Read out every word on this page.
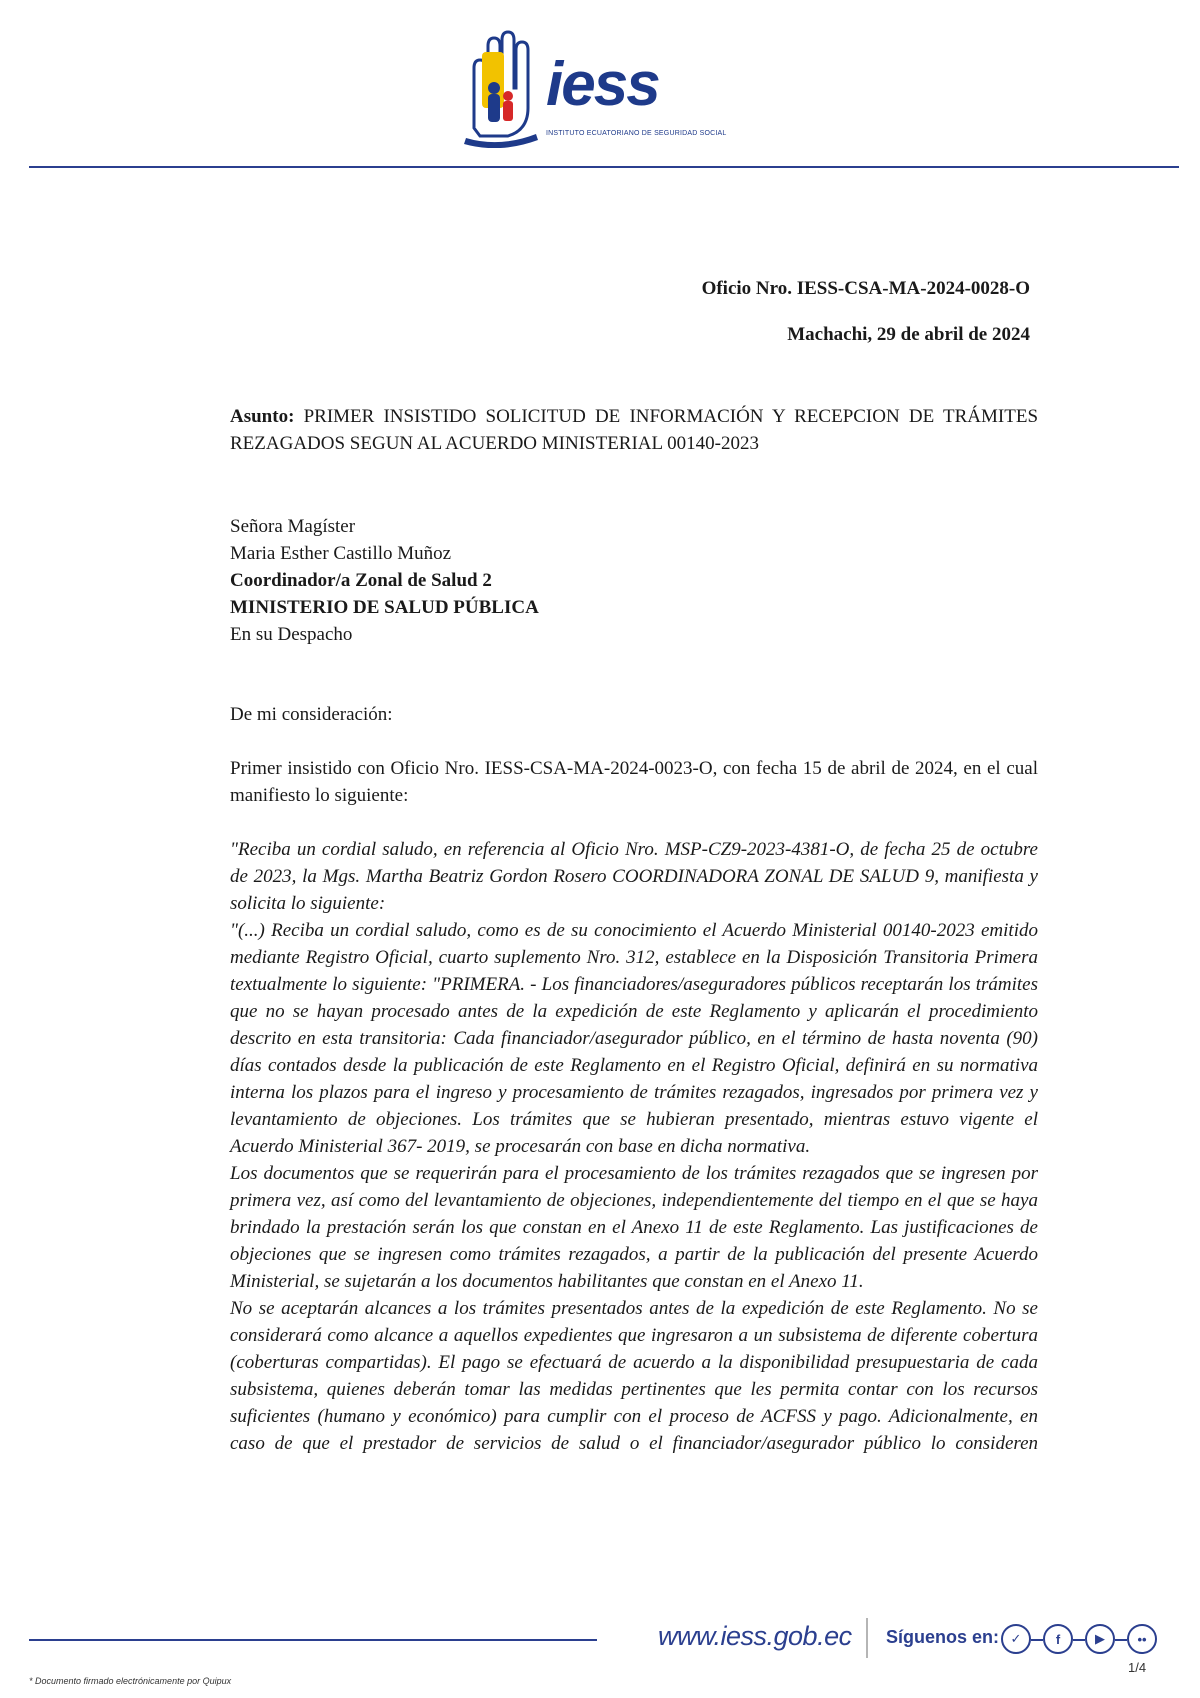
iess
INSTITUTO ECUATORIANO DE SEGURIDAD SOCIAL
Oficio Nro. IESS-CSA-MA-2024-0028-O
Machachi, 29 de abril de 2024
Asunto: PRIMER INSISTIDO SOLICITUD DE INFORMACIÓN Y RECEPCION DE TRÁMITES REZAGADOS SEGUN AL ACUERDO MINISTERIAL 00140-2023
Señora Magíster
Maria Esther Castillo Muñoz
Coordinador/a Zonal de Salud 2
MINISTERIO DE SALUD PÚBLICA
En su Despacho
De mi consideración:
Primer insistido con Oficio Nro. IESS-CSA-MA-2024-0023-O, con fecha 15 de abril de 2024, en el cual manifiesto lo siguiente:

"Reciba un cordial saludo, en referencia al Oficio Nro. MSP-CZ9-2023-4381-O, de fecha 25 de octubre de 2023, la Mgs. Martha Beatriz Gordon Rosero COORDINADORA ZONAL DE SALUD 9, manifiesta y solicita lo siguiente:

"(...) Reciba un cordial saludo, como es de su conocimiento el Acuerdo Ministerial 00140-2023 emitido mediante Registro Oficial, cuarto suplemento Nro. 312, establece en la Disposición Transitoria Primera textualmente lo siguiente: "PRIMERA. - Los financiadores/aseguradores públicos receptarán los trámites que no se hayan procesado antes de la expedición de este Reglamento y aplicarán el procedimiento descrito en esta transitoria: Cada financiador/asegurador público, en el término de hasta noventa (90) días contados desde la publicación de este Reglamento en el Registro Oficial, definirá en su normativa interna los plazos para el ingreso y procesamiento de trámites rezagados, ingresados por primera vez y levantamiento de objeciones. Los trámites que se hubieran presentado, mientras estuvo vigente el Acuerdo Ministerial 367- 2019, se procesarán con base en dicha normativa.

Los documentos que se requerirán para el procesamiento de los trámites rezagados que se ingresen por primera vez, así como del levantamiento de objeciones, independientemente del tiempo en el que se haya brindado la prestación serán los que constan en el Anexo 11 de este Reglamento. Las justificaciones de objeciones que se ingresen como trámites rezagados, a partir de la publicación del presente Acuerdo Ministerial, se sujetarán a los documentos habilitantes que constan en el Anexo 11.

No se aceptarán alcances a los trámites presentados antes de la expedición de este Reglamento. No se considerará como alcance a aquellos expedientes que ingresaron a un subsistema de diferente cobertura (coberturas compartidas). El pago se efectuará de acuerdo a la disponibilidad presupuestaria de cada subsistema, quienes deberán tomar las medidas pertinentes que les permita contar con los recursos suficientes (humano y económico) para cumplir con el proceso de ACFSS y pago. Adicionalmente, en caso de que el prestador de servicios de salud o el financiador/asegurador público lo consideren

www.iess.gob.ec Síguenos en: ✓	f	▶	••
1/4
* Documento firmado electrónicamente por Quipux
